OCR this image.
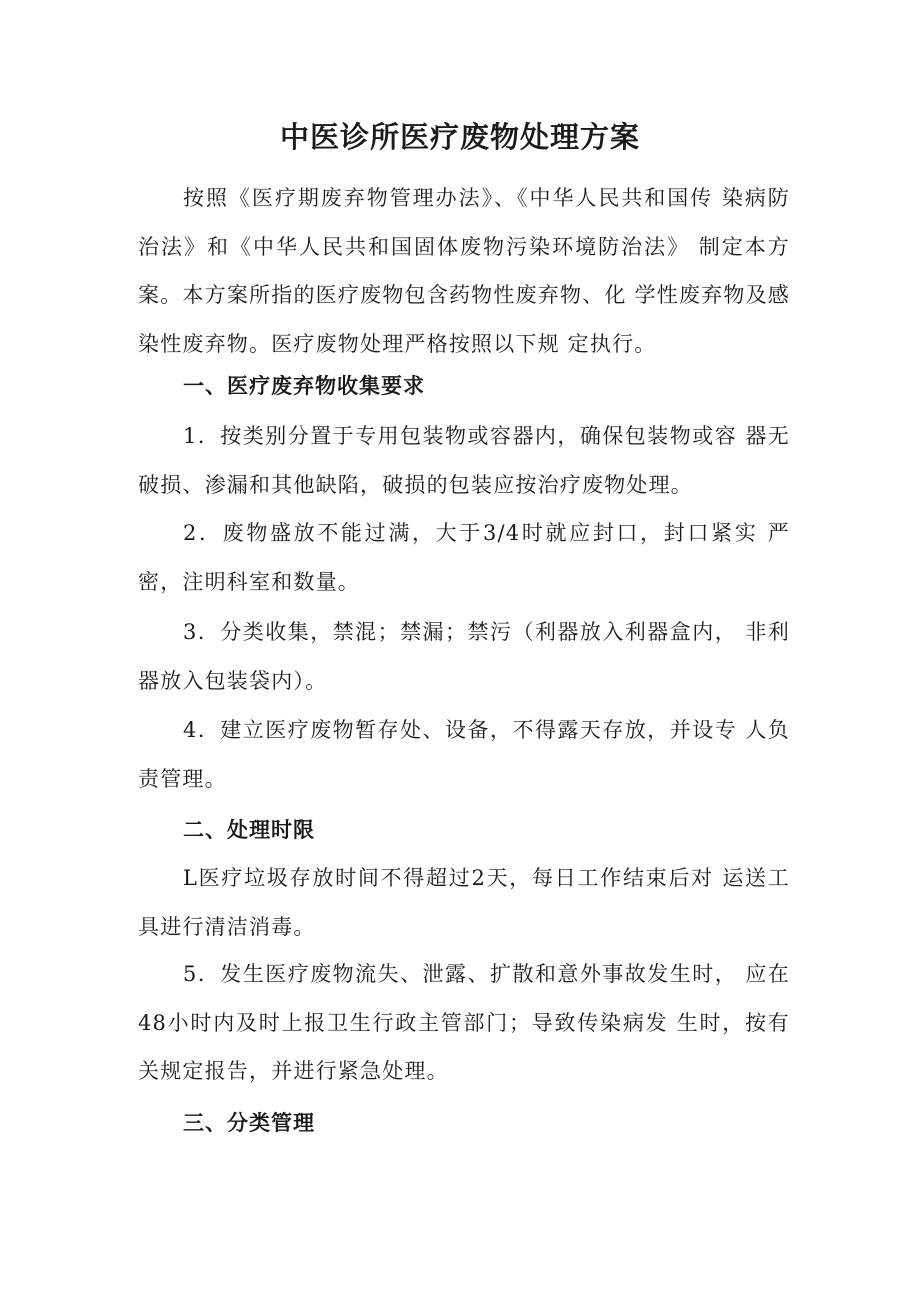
中医诊所医疗废物处理方案

按照《医疗期废弃物管理办法》、《中华人民共和国传 染病防治法》和《中华人民共和国固体废物污染环境防治法》 制定本方案。本方案所指的医疗废物包含药物性废弃物、化 学性废弃物及感染性废弃物。医疗废物处理严格按照以下规 定执行。

一、医疗废弃物收集要求

1．按类别分置于专用包装物或容器内，确保包装物或容 器无破损、渗漏和其他缺陷，破损的包装应按治疗废物处理。

2．废物盛放不能过满，大于3/4时就应封口，封口紧实 严密，注明科室和数量。

3．分类收集，禁混；禁漏；禁污（利器放入利器盒内， 非利器放入包装袋内）。

4．建立医疗废物暂存处、设备，不得露天存放，并设专 人负责管理。

二、处理时限

L医疗垃圾存放时间不得超过2天，每日工作结束后对 运送工具进行清洁消毒。

5．发生医疗废物流失、泄露、扩散和意外事故发生时， 应在48小时内及时上报卫生行政主管部门；导致传染病发 生时，按有关规定报告，并进行紧急处理。

三、分类管理
